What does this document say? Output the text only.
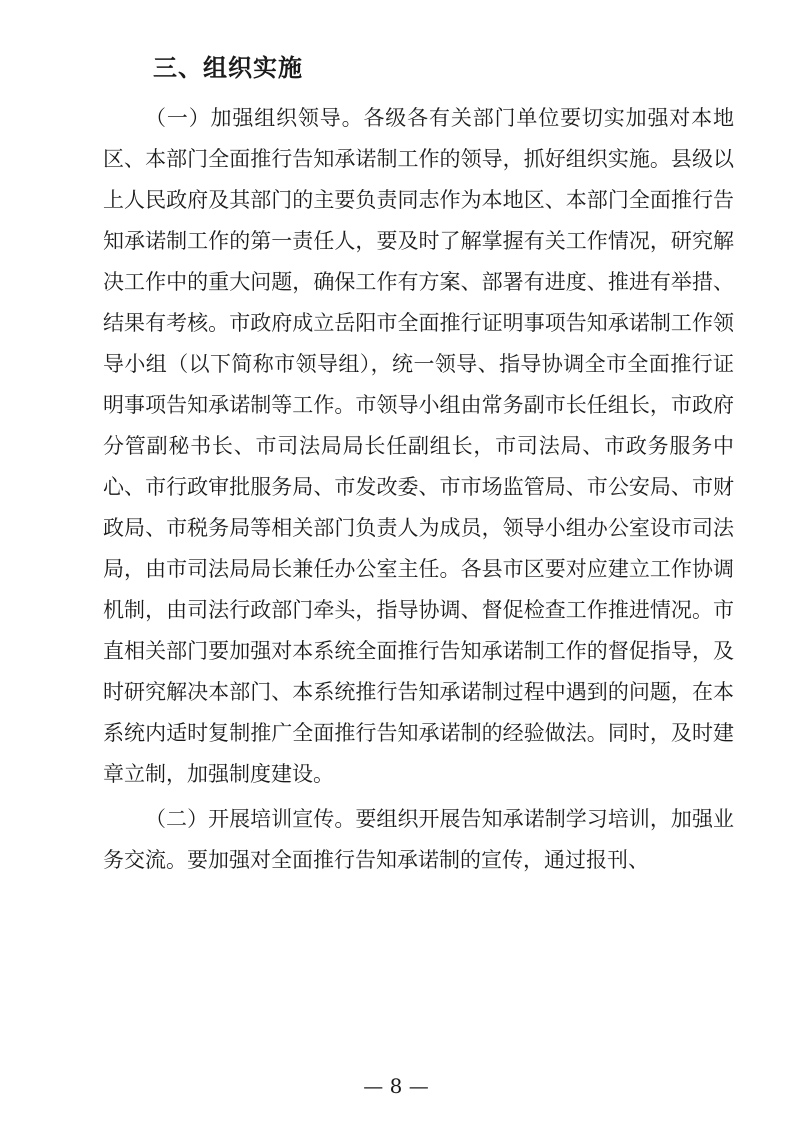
三、组织实施

（一）加强组织领导。各级各有关部门单位要切实加强对本地区、本部门全面推行告知承诺制工作的领导，抓好组织实施。县级以上人民政府及其部门的主要负责同志作为本地区、本部门全面推行告知承诺制工作的第一责任人，要及时了解掌握有关工作情况，研究解决工作中的重大问题，确保工作有方案、部署有进度、推进有举措、结果有考核。市政府成立岳阳市全面推行证明事项告知承诺制工作领导小组（以下简称市领导组），统一领导、指导协调全市全面推行证明事项告知承诺制等工作。市领导小组由常务副市长任组长，市政府分管副秘书长、市司法局局长任副组长，市司法局、市政务服务中心、市行政审批服务局、市发改委、市市场监管局、市公安局、市财政局、市税务局等相关部门负责人为成员，领导小组办公室设市司法局，由市司法局局长兼任办公室主任。各县市区要对应建立工作协调机制，由司法行政部门牵头，指导协调、督促检查工作推进情况。市直相关部门要加强对本系统全面推行告知承诺制工作的督促指导，及时研究解决本部门、本系统推行告知承诺制过程中遇到的问题，在本系统内适时复制推广全面推行告知承诺制的经验做法。同时，及时建章立制，加强制度建设。

（二）开展培训宣传。要组织开展告知承诺制学习培训，加强业务交流。要加强对全面推行告知承诺制的宣传，通过报刊、

— 8 —
